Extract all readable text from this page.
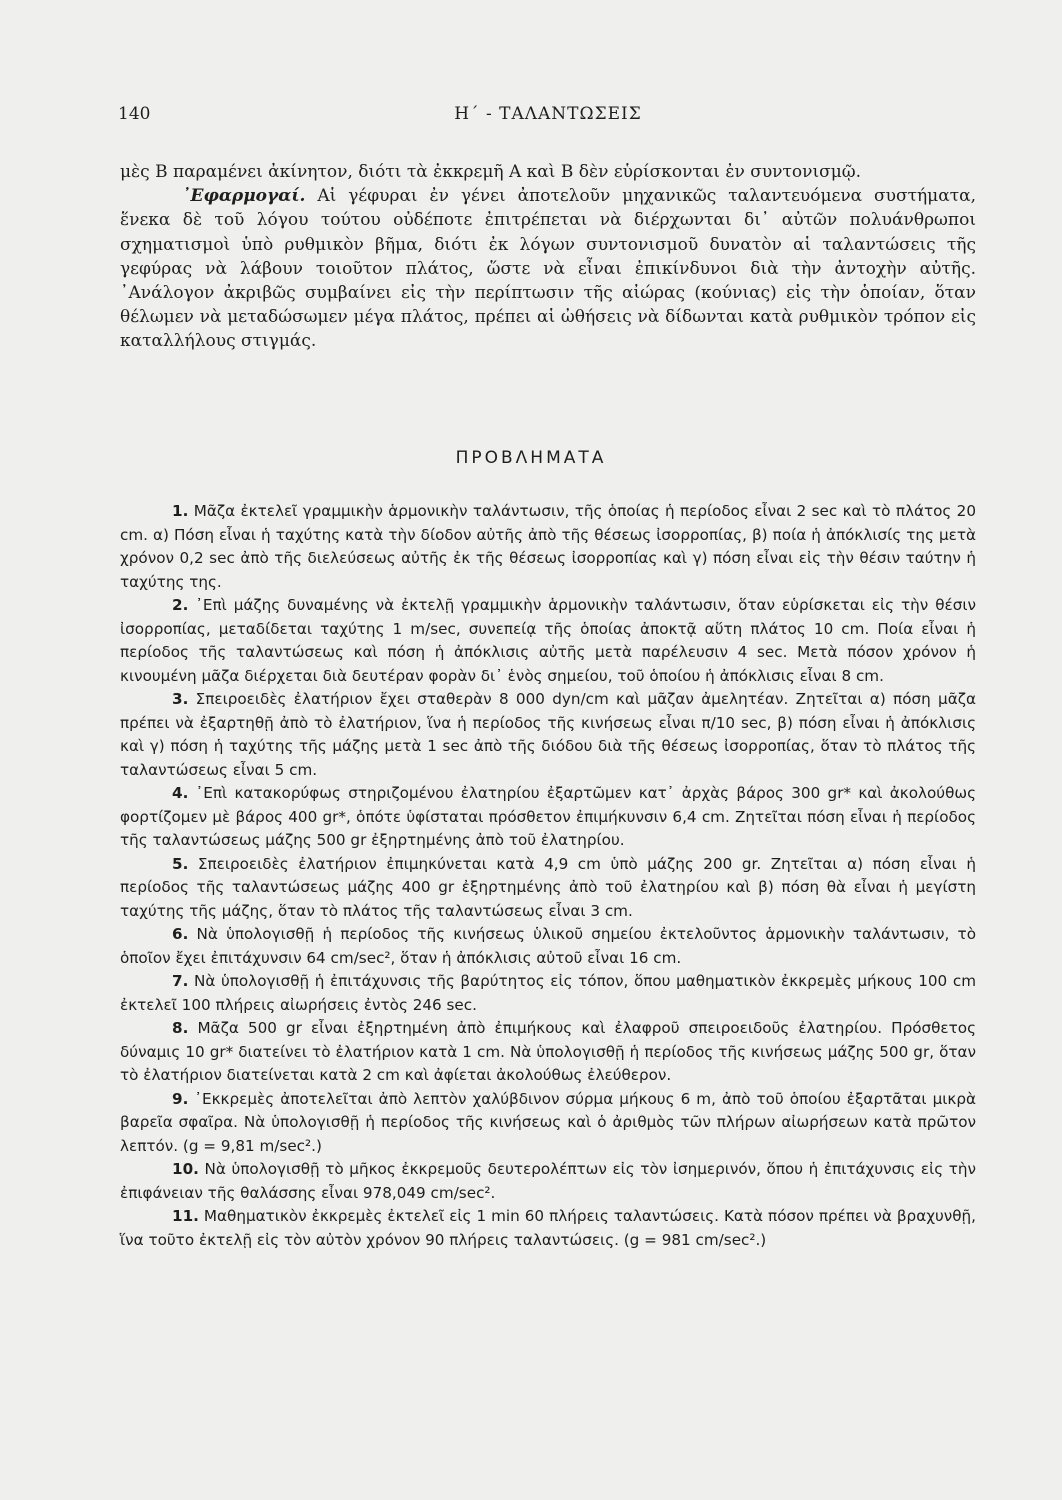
140	Η΄ - ΤΑΛΑΝΤΩΣΕΙΣ
μὲς Β παραμένει ἀκίνητον, διότι τὰ ἐκκρεμῆ Α καὶ Β δὲν εὑρίσκονται ἐν συντονισμῷ.
᾿Εφαρμογαί. Αἱ γέφυραι ἐν γένει ἀποτελοῦν μηχανικῶς ταλαντευόμενα συστήματα, ἕνεκα δὲ τοῦ λόγου τούτου οὐδέποτε ἐπιτρέπεται νὰ διέρχωνται δι᾿ αὐτῶν πολυάνθρωποι σχηματισμοὶ ὑπὸ ρυθμικὸν βῆμα, διότι ἐκ λόγων συντονισμοῦ δυνατὸν αἱ ταλαντώσεις τῆς γεφύρας νὰ λάβουν τοιοῦτον πλάτος, ὥστε νὰ εἶναι ἐπικίνδυνοι διὰ τὴν ἀντοχὴν αὐτῆς. ᾿Ανάλογον ἀκριβῶς συμβαίνει εἰς τὴν περίπτωσιν τῆς αἰώρας (κούνιας) εἰς τὴν ὁποίαν, ὅταν θέλωμεν νὰ μεταδώσωμεν μέγα πλάτος, πρέπει αἱ ὠθήσεις νὰ δίδωνται κατὰ ρυθμικὸν τρόπον εἰς καταλλήλους στιγμάς.
ΠΡΟΒΛΗΜΑΤΑ

1. Μᾶζα ἐκτελεῖ γραμμικὴν ἁρμονικὴν ταλάντωσιν, τῆς ὁποίας ἡ περίοδος εἶναι 2 sec καὶ τὸ πλάτος 20 cm. α) Πόση εἶναι ἡ ταχύτης κατὰ τὴν δίοδον αὐτῆς ἀπὸ τῆς θέσεως ἰσορροπίας, β) ποία ἡ ἀπόκλισίς της μετὰ χρόνον 0,2 sec ἀπὸ τῆς διελεύσεως αὐτῆς ἐκ τῆς θέσεως ἰσορροπίας καὶ γ) πόση εἶναι εἰς τὴν θέσιν ταύτην ἡ ταχύτης της.

2. ᾿Επὶ μάζης δυναμένης νὰ ἐκτελῇ γραμμικὴν ἁρμονικὴν ταλάντωσιν, ὅταν εὑρίσκεται εἰς τὴν θέσιν ἰσορροπίας, μεταδίδεται ταχύτης 1 m/sec, συνεπείᾳ τῆς ὁποίας ἀποκτᾷ αὕτη πλάτος 10 cm. Ποία εἶναι ἡ περίοδος τῆς ταλαντώσεως καὶ πόση ἡ ἀπόκλισις αὐτῆς μετὰ παρέλευσιν 4 sec. Μετὰ πόσον χρόνον ἡ κινουμένη μᾶζα διέρχεται διὰ δευτέραν φορὰν δι᾿ ἑνὸς σημείου, τοῦ ὁποίου ἡ ἀπόκλισις εἶναι 8 cm.

3. Σπειροειδὲς ἐλατήριον ἔχει σταθερὰν 8 000 dyn/cm καὶ μᾶζαν ἀμελητέαν. Ζητεῖται α) πόση μᾶζα πρέπει νὰ ἐξαρτηθῇ ἀπὸ τὸ ἐλατήριον, ἵνα ἡ περίοδος τῆς κινήσεως εἶναι π/10 sec, β) πόση εἶναι ἡ ἀπόκλισις καὶ γ) πόση ἡ ταχύτης τῆς μάζης μετὰ 1 sec ἀπὸ τῆς διόδου διὰ τῆς θέσεως ἰσορροπίας, ὅταν τὸ πλάτος τῆς ταλαντώσεως εἶναι 5 cm.

4. ᾿Επὶ κατακορύφως στηριζομένου ἐλατηρίου ἐξαρτῶμεν κατ᾿ ἀρχὰς βάρος 300 gr* καὶ ἀκολούθως φορτίζομεν μὲ βάρος 400 gr*, ὁπότε ὑφίσταται πρόσθετον ἐπιμήκυνσιν 6,4 cm. Ζητεῖται πόση εἶναι ἡ περίοδος τῆς ταλαντώσεως μάζης 500 gr ἐξηρτημένης ἀπὸ τοῦ ἐλατηρίου.

5. Σπειροειδὲς ἐλατήριον ἐπιμηκύνεται κατὰ 4,9 cm ὑπὸ μάζης 200 gr. Ζητεῖται α) πόση εἶναι ἡ περίοδος τῆς ταλαντώσεως μάζης 400 gr ἐξηρτημένης ἀπὸ τοῦ ἐλατηρίου καὶ β) πόση θὰ εἶναι ἡ μεγίστη ταχύτης τῆς μάζης, ὅταν τὸ πλάτος τῆς ταλαντώσεως εἶναι 3 cm.

6. Νὰ ὑπολογισθῇ ἡ περίοδος τῆς κινήσεως ὑλικοῦ σημείου ἐκτελοῦντος ἁρμονικὴν ταλάντωσιν, τὸ ὁποῖον ἔχει ἐπιτάχυνσιν 64 cm/sec², ὅταν ἡ ἀπόκλισις αὐτοῦ εἶναι 16 cm.

7. Νὰ ὑπολογισθῇ ἡ ἐπιτάχυνσις τῆς βαρύτητος εἰς τόπον, ὅπου μαθηματικὸν ἐκκρεμὲς μήκους 100 cm ἐκτελεῖ 100 πλήρεις αἰωρήσεις ἐντὸς 246 sec.

8. Μᾶζα 500 gr εἶναι ἐξηρτημένη ἀπὸ ἐπιμήκους καὶ ἐλαφροῦ σπειροειδοῦς ἐλατηρίου. Πρόσθετος δύναμις 10 gr* διατείνει τὸ ἐλατήριον κατὰ 1 cm. Νὰ ὑπολογισθῇ ἡ περίοδος τῆς κινήσεως μάζης 500 gr, ὅταν τὸ ἐλατήριον διατείνεται κατὰ 2 cm καὶ ἀφίεται ἀκολούθως ἐλεύθερον.

9. ᾿Εκκρεμὲς ἀποτελεῖται ἀπὸ λεπτὸν χαλύβδινον σύρμα μήκους 6 m, ἀπὸ τοῦ ὁποίου ἐξαρτᾶται μικρὰ βαρεῖα σφαῖρα. Νὰ ὑπολογισθῇ ἡ περίοδος τῆς κινήσεως καὶ ὁ ἀριθμὸς τῶν πλήρων αἰωρήσεων κατὰ πρῶτον λεπτόν. (g = 9,81 m/sec².)

10. Νὰ ὑπολογισθῇ τὸ μῆκος ἐκκρεμοῦς δευτερολέπτων εἰς τὸν ἰσημερινόν, ὅπου ἡ ἐπιτάχυνσις εἰς τὴν ἐπιφάνειαν τῆς θαλάσσης εἶναι 978,049 cm/sec².

11. Μαθηματικὸν ἐκκρεμὲς ἐκτελεῖ εἰς 1 min 60 πλήρεις ταλαντώσεις. Κατὰ πόσον πρέπει νὰ βραχυνθῇ, ἵνα τοῦτο ἐκτελῇ εἰς τὸν αὐτὸν χρόνον 90 πλήρεις ταλαντώσεις. (g = 981 cm/sec².)
